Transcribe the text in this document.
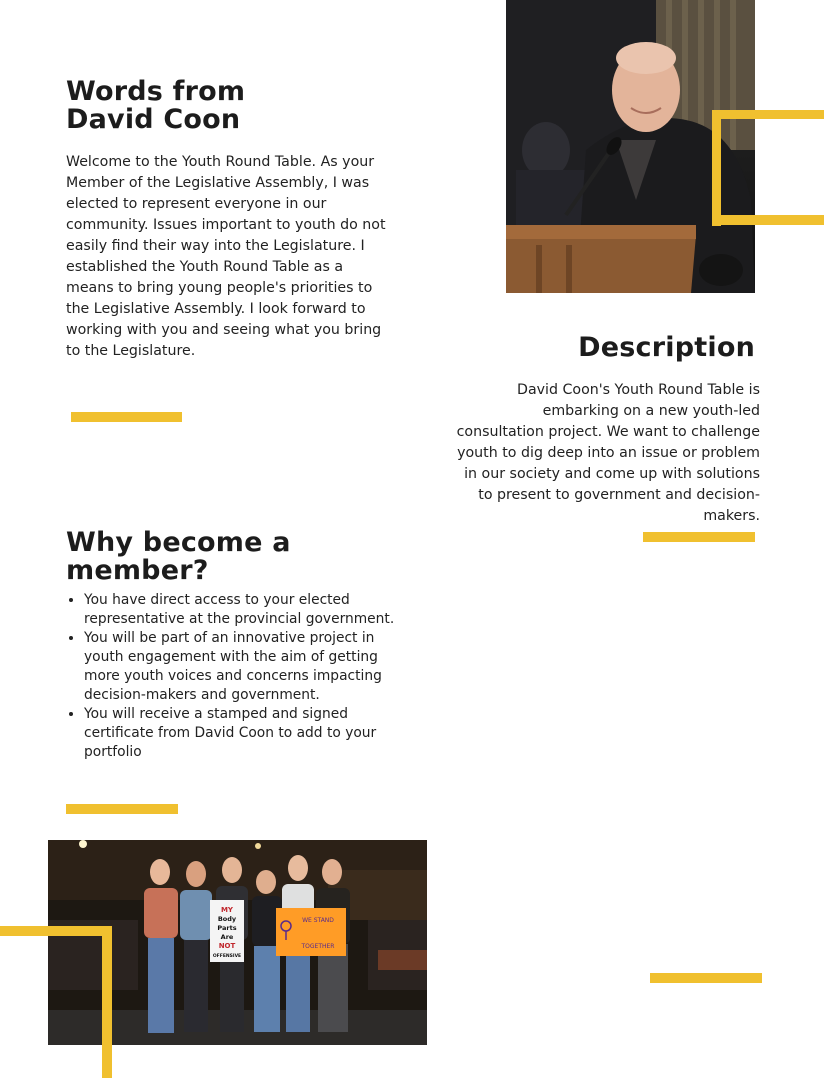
Words from
David Coon

Welcome to the Youth Round Table. As your Member of the Legislative Assembly, I was elected to represent everyone in our community. Issues important to youth do not easily find their way into the Legislature. I established the Youth Round Table as a means to bring young people's priorities to the Legislative Assembly. I look forward to working with you and seeing what you bring to the Legislature.	Description

David Coon's Youth Round Table is embarking on a new youth-led consultation project. We want to challenge youth to dig deep into an issue or problem in our society and come up with solutions to present to government and decision-makers.

Why become a
member?
• You have direct access to your elected representative at the provincial government.
• You will be part of an innovative project in youth engagement with the aim of getting more youth voices and concerns impacting decision-makers and government.
• You will receive a stamped and signed certificate from David Coon to add to your portfolio
MY
Body
Parts
Are
NOT
OFFENSIVE
WE STAND
TOGETHER
